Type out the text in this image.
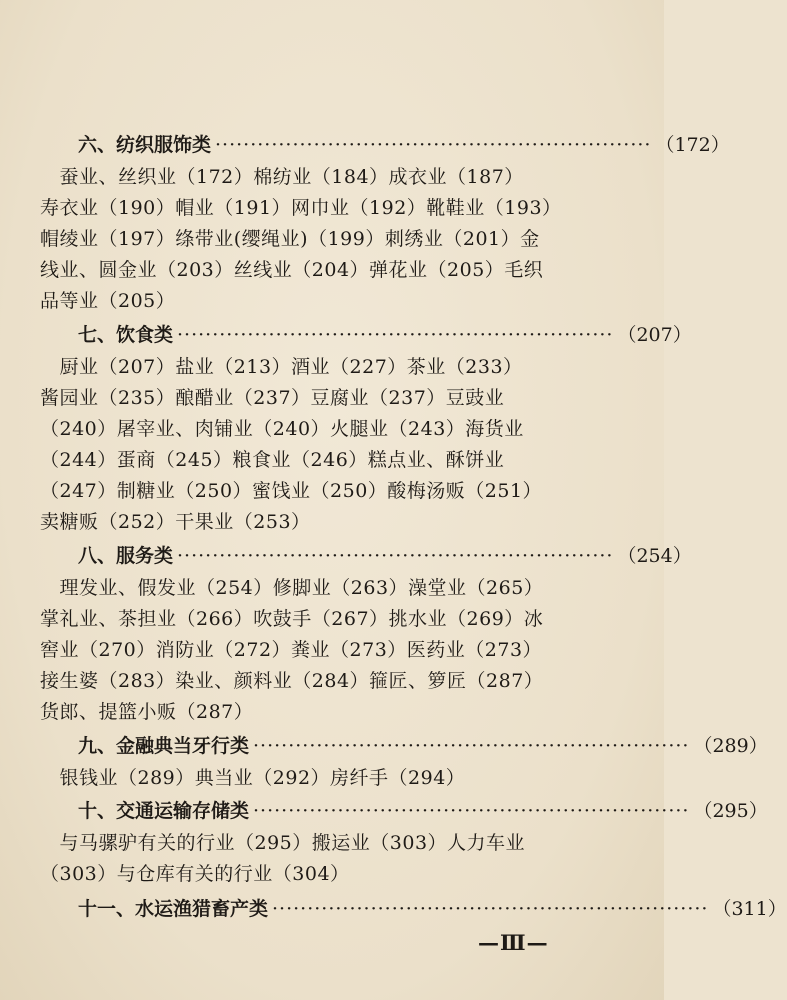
六、纺织服饰类 ······························································ （172）
　蚕业、丝织业（172）棉纺业（184）成衣业（187）
寿衣业（190）帽业（191）网巾业（192）靴鞋业（193）
帽绫业（197）绦带业(缨绳业)（199）刺绣业（201）金
线业、圆金业（203）丝线业（204）弹花业（205）毛织
品等业（205）
七、饮食类 ······························································ （207）
　厨业（207）盐业（213）酒业（227）茶业（233）
酱园业（235）酿醋业（237）豆腐业（237）豆豉业
（240）屠宰业、肉铺业（240）火腿业（243）海货业
（244）蛋商（245）粮食业（246）糕点业、酥饼业
（247）制糖业（250）蜜饯业（250）酸梅汤贩（251）
卖糖贩（252）干果业（253）
八、服务类 ······························································ （254）
　理发业、假发业（254）修脚业（263）澡堂业（265）
掌礼业、茶担业（266）吹鼓手（267）挑水业（269）冰
窖业（270）消防业（272）粪业（273）医药业（273）
接生婆（283）染业、颜料业（284）箍匠、箩匠（287）
货郎、提篮小贩（287）
九、金融典当牙行类 ······························································ （289）
　银钱业（289）典当业（292）房纤手（294）
十、交通运输存储类 ······························································ （295）
　与马骡驴有关的行业（295）搬运业（303）人力车业
（303）与仓库有关的行业（304）
十一、水运渔猎畜产类 ······························································ （311）
—Ⅲ—
